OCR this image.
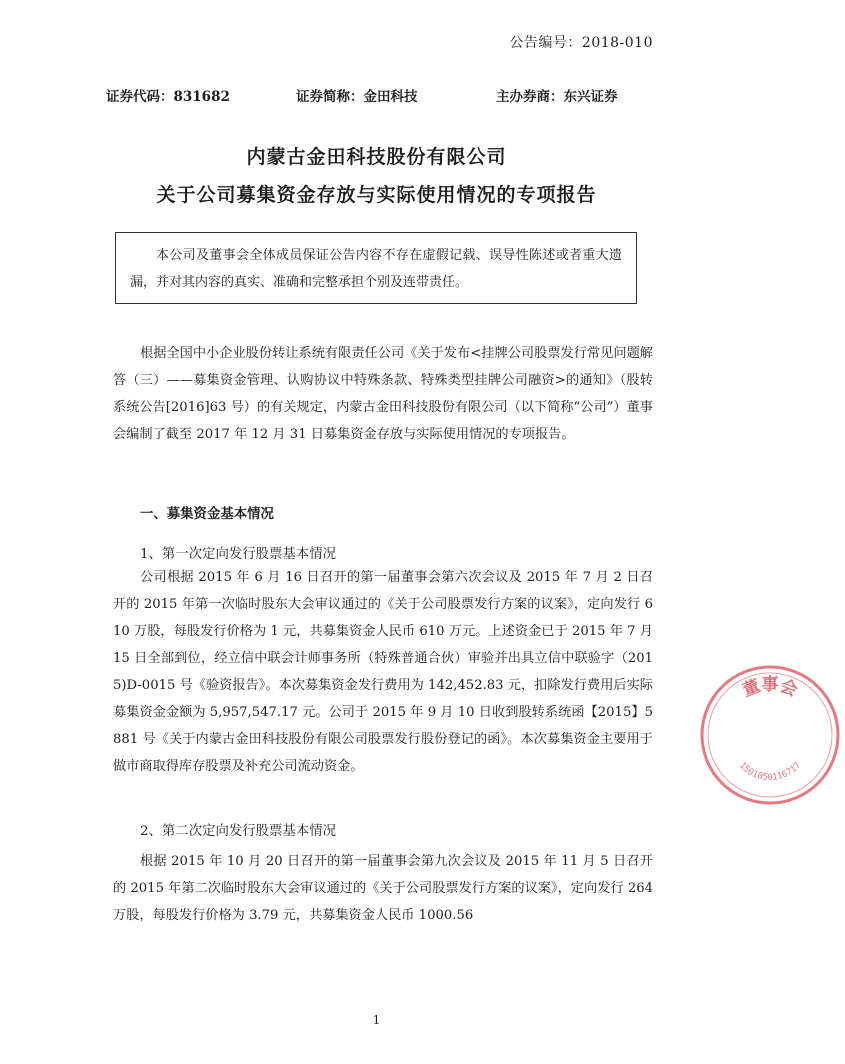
公告编号：2018-010
证券代码：831682	证券简称：金田科技	主办券商：东兴证券
内蒙古金田科技股份有限公司
关于公司募集资金存放与实际使用情况的专项报告
本公司及董事会全体成员保证公告内容不存在虚假记载、误导性陈述或者重大遗漏，并对其内容的真实、准确和完整承担个别及连带责任。

根据全国中小企业股份转让系统有限责任公司《关于发布<挂牌公司股票发行常见问题解答（三）——募集资金管理、认购协议中特殊条款、特殊类型挂牌公司融资>的通知》（股转系统公告[2016]63 号）的有关规定，内蒙古金田科技股份有限公司（以下简称“公司”）董事会编制了截至 2017 年 12 月 31 日募集资金存放与实际使用情况的专项报告。

一、募集资金基本情况
1、第一次定向发行股票基本情况

公司根据 2015 年 6 月 16 日召开的第一届董事会第六次会议及 2015 年 7 月 2 日召开的 2015 年第一次临时股东大会审议通过的《关于公司股票发行方案的议案》，定向发行 610 万股，每股发行价格为 1 元，共募集资金人民币 610 万元。上述资金已于 2015 年 7 月 15 日全部到位，经立信中联会计师事务所（特殊普通合伙）审验并出具立信中联验字（2015)D-0015 号《验资报告》。本次募集资金发行费用为 142,452.83 元，扣除发行费用后实际募集资金金额为 5,957,547.17 元。公司于 2015 年 9 月 10 日收到股转系统函【2015】5881 号《关于内蒙古金田科技股份有限公司股票发行股份登记的函》。本次募集资金主要用于做市商取得库存股票及补充公司流动资金。

2、第二次定向发行股票基本情况

根据 2015 年 10 月 20 日召开的第一届董事会第九次会议及 2015 年 11 月 5 日召开的 2015 年第二次临时股东大会审议通过的《关于公司股票发行方案的议案》，定向发行 264 万股，每股发行价格为 3.79 元，共募集资金人民币 1000.56

1
董事会
1501050116717
